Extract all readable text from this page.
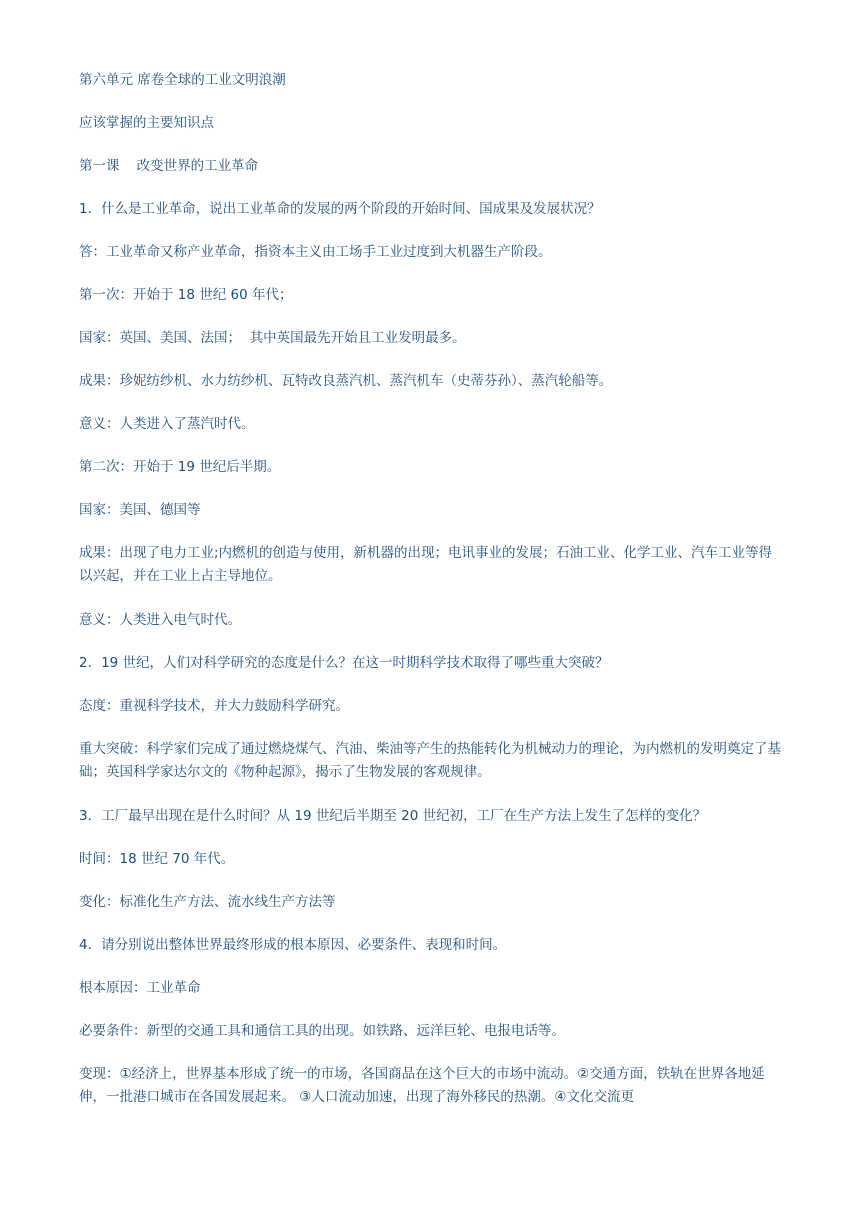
第六单元 席卷全球的工业文明浪潮

应该掌握的主要知识点

第一课    改变世界的工业革命

1．什么是工业革命，说出工业革命的发展的两个阶段的开始时间、国成果及发展状况？

答：工业革命又称产业革命，指资本主义由工场手工业过度到大机器生产阶段。

第一次：开始于 18 世纪 60 年代；

国家：英国、美国、法国；  其中英国最先开始且工业发明最多。

成果：珍妮纺纱机、水力纺纱机、瓦特改良蒸汽机、蒸汽机车（史蒂芬孙）、蒸汽轮船等。

意义：人类进入了蒸汽时代。

第二次：开始于 19 世纪后半期。

国家：美国、德国等

成果：出现了电力工业;内燃机的创造与使用，新机器的出现；电讯事业的发展；石油工业、化学工业、汽车工业等得以兴起，并在工业上占主导地位。

意义：人类进入电气时代。

2．19 世纪，人们对科学研究的态度是什么？在这一时期科学技术取得了哪些重大突破？

态度：重视科学技术，并大力鼓励科学研究。

重大突破：科学家们完成了通过燃烧煤气、汽油、柴油等产生的热能转化为机械动力的理论，为内燃机的发明奠定了基础；英国科学家达尔文的《物种起源》，揭示了生物发展的客观规律。

3．工厂最早出现在是什么时间？从 19 世纪后半期至 20 世纪初，工厂在生产方法上发生了怎样的变化？

时间：18 世纪 70 年代。

变化：标准化生产方法、流水线生产方法等

4．请分别说出整体世界最终形成的根本原因、必要条件、表现和时间。

根本原因：工业革命

必要条件：新型的交通工具和通信工具的出现。如铁路、远洋巨轮、电报电话等。

变现：①经济上，世界基本形成了统一的市场，各国商品在这个巨大的市场中流动。②交通方面，铁轨在世界各地延伸，一批港口城市在各国发展起来。 ③人口流动加速，出现了海外移民的热潮。④文化交流更
